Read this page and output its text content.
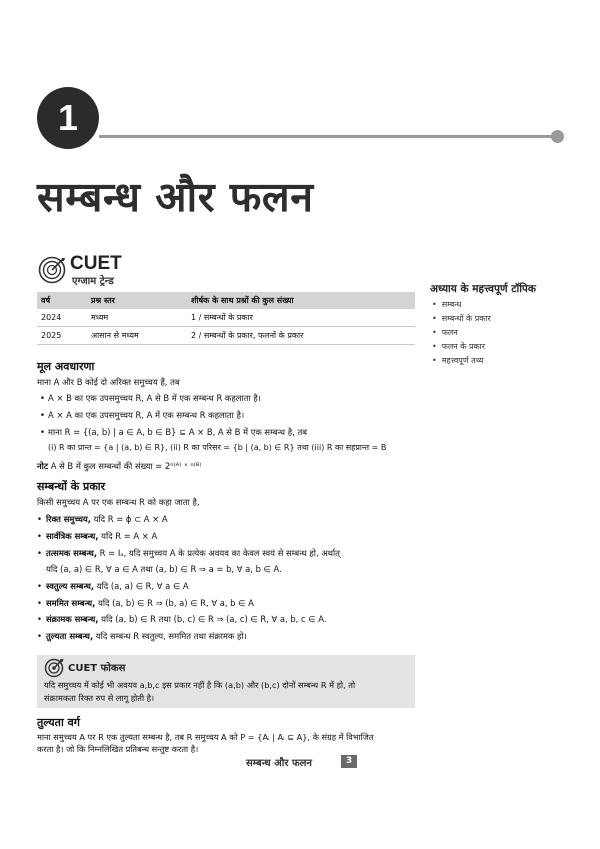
1
सम्बन्ध और फलन
CUET
एग्जाम ट्रेन्ड
वर्ष	प्रश्न स्तर	शीर्षक के साथ प्रश्नों की कुल संख्या
2024	मध्यम	1 / सम्बन्धों के प्रकार
2025	आसान से मध्यम	2 / सम्बन्धों के प्रकार, फलनों के प्रकार
अध्याय के महत्त्वपूर्ण टॉपिक
• सम्बन्ध
• सम्बन्धों के प्रकार
• फलन
• फलन के प्रकार
• महत्त्वपूर्ण तथ्य
मूल अवधारणा
माना A और B कोई दो अरिक्त समुच्चय हैं, तब
• A × B का एक उपसमुच्चय R, A से B में एक सम्बन्ध R कहलाता है।
• A × A का एक उपसमुच्चय R, A में एक सम्बन्ध R कहलाता है।
• माना R = {(a, b) | a ∈ A, b ∈ B} ⊆ A × B, A से B में एक सम्बन्ध है, तब
(i) R का प्रान्त = {a | (a, b) ∈ R}, (ii) R का परिसर = {b | (a, b) ∈ R} तथा (iii) R का सहप्रान्त = B
नोट A से B में कुल सम्बन्धों की संख्या = 2ⁿ⁽ᴬ⁾ ˣ ⁿ⁽ᴮ⁾
सम्बन्धों के प्रकार
किसी समुच्चय A पर एक सम्बन्ध R को कहा जाता है,
• रिक्त समुच्चय, यदि R = ϕ ⊂ A × A
• सार्वत्रिक सम्बन्ध, यदि R = A × A
• तत्समक सम्बन्ध, R = Iₐ, यदि समुच्चय A के प्रत्येक अवयव का केवल स्वयं से सम्बन्ध हो, अर्थात्
यदि (a, a) ∈ R, ∀ a ∈ A तथा (a, b) ∈ R ⇒ a = b, ∀ a, b ∈ A.
• स्वतुल्य सम्बन्ध, यदि (a, a) ∈ R, ∀ a ∈ A
• सममित सम्बन्ध, यदि (a, b) ∈ R ⇒ (b, a) ∈ R, ∀ a, b ∈ A
• संक्रामक सम्बन्ध, यदि (a, b) ∈ R तथा (b, c) ∈ R ⇒ (a, c) ∈ R, ∀ a, b, c ∈ A.
• तुल्यता सम्बन्ध, यदि सम्बन्ध R स्वतुल्य, सममित तथा संक्रामक हो।
CUET फोकस
यदि समुच्चय में कोई भी अवयव a,b,c इस प्रकार नहीं है कि (a,b) और (b,c) दोनों सम्बन्ध R में हो, तो
संक्रामकता रिक्त रुप से लागू होती है।
तुल्यता वर्ग
माना समुच्चय A पर R एक तुल्यता सम्बन्ध है, तब R समुच्चय A को P = {Aᵢ | Aᵢ ⊆ A}, के संग्रह में विभाजित
करता है। जो कि निम्नलिखित प्रतिबन्ध सन्तुष्ट करता है।
सम्बन्ध और फलन	3
